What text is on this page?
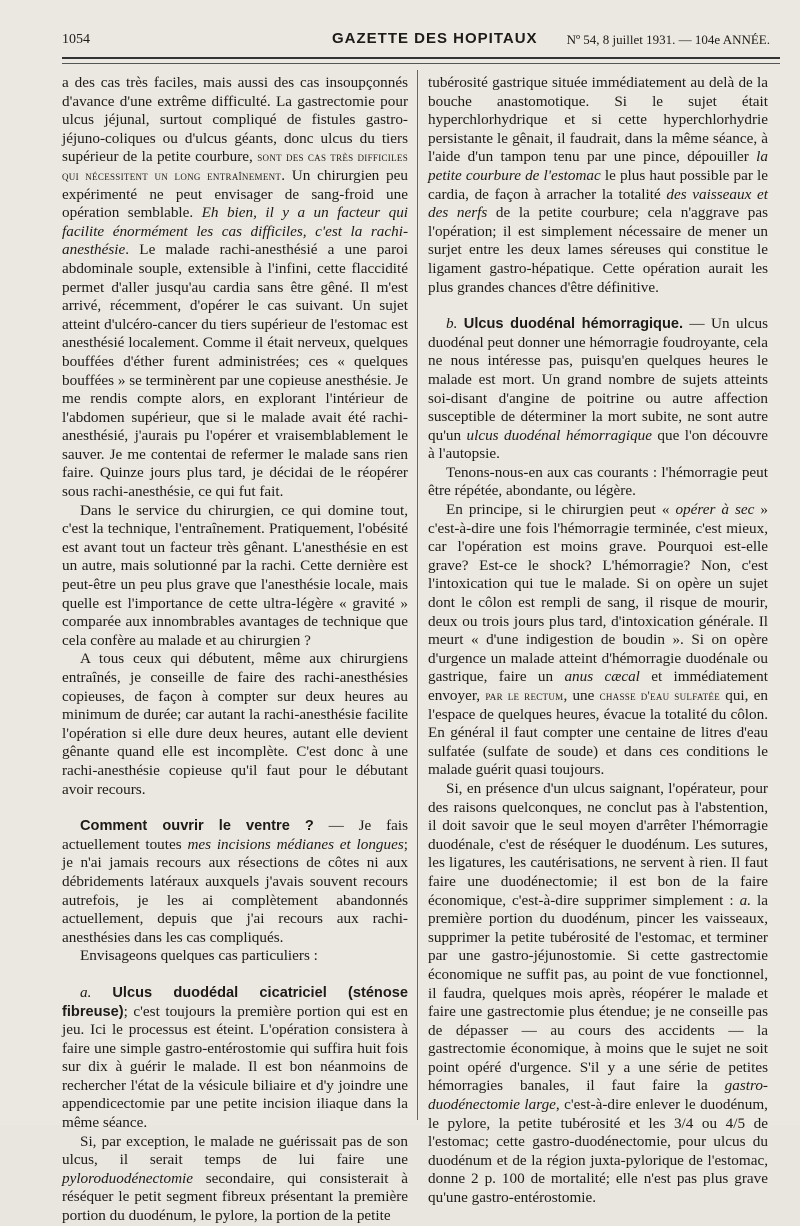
1054	GAZETTE DES HOPITAUX Nº 54, 8 juillet 1931. — 104e ANNÉE.

a des cas très faciles, mais aussi des cas insoupçonnés d'avance d'une extrême difficulté. La gastrectomie pour ulcus jéjunal, surtout compliqué de fistules gastro-jéjuno-coliques ou d'ulcus géants, donc ulcus du tiers supérieur de la petite courbure, sont des cas très difficiles qui nécessitent un long entraînement. Un chirurgien peu expérimenté ne peut envisager de sang-froid une opération semblable. Eh bien, il y a un facteur qui facilite énormément les cas difficiles, c'est la rachi-anesthésie. Le malade rachi-anesthésié a une paroi abdominale souple, extensible à l'infini, cette flaccidité permet d'aller jusqu'au cardia sans être gêné. Il m'est arrivé, récemment, d'opérer le cas suivant. Un sujet atteint d'ulcéro-cancer du tiers supérieur de l'estomac est anesthésié localement. Comme il était nerveux, quelques bouffées d'éther furent administrées; ces « quelques bouffées » se terminèrent par une copieuse anesthésie. Je me rendis compte alors, en explorant l'intérieur de l'abdomen supérieur, que si le malade avait été rachi-anesthésié, j'aurais pu l'opérer et vraisemblablement le sauver. Je me contentai de refermer le malade sans rien faire. Quinze jours plus tard, je décidai de le réopérer sous rachi-anesthésie, ce qui fut fait.

Dans le service du chirurgien, ce qui domine tout, c'est la technique, l'entraînement. Pratiquement, l'obésité est avant tout un facteur très gênant. L'anesthésie en est un autre, mais solutionné par la rachi. Cette dernière est peut-être un peu plus grave que l'anesthésie locale, mais quelle est l'importance de cette ultra-légère « gravité » comparée aux innombrables avantages de technique que cela confère au malade et au chirurgien ?

A tous ceux qui débutent, même aux chirurgiens entraînés, je conseille de faire des rachi-anesthésies copieuses, de façon à compter sur deux heures au minimum de durée; car autant la rachi-anesthésie facilite l'opération si elle dure deux heures, autant elle devient gênante quand elle est incomplète. C'est donc à une rachi-anesthésie copieuse qu'il faut pour le débutant avoir recours.

Comment ouvrir le ventre ? — Je fais actuellement toutes mes incisions médianes et longues; je n'ai jamais recours aux résections de côtes ni aux débridements latéraux auxquels j'avais souvent recours autrefois, je les ai complètement abandonnés actuellement, depuis que j'ai recours aux rachi-anesthésies dans les cas compliqués.

Envisageons quelques cas particuliers :

a. Ulcus duodédal cicatriciel (sténose fibreuse); c'est toujours la première portion qui est en jeu. Ici le processus est éteint. L'opération consistera à faire une simple gastro-entérostomie qui suffira huit fois sur dix à guérir le malade. Il est bon néanmoins de rechercher l'état de la vésicule biliaire et d'y joindre une appendicectomie par une petite incision iliaque dans la même séance.

Si, par exception, le malade ne guérissait pas de son ulcus, il serait temps de lui faire une pyloroduodénectomie secondaire, qui consisterait à réséquer le petit segment fibreux présentant la première portion du duodénum, le pylore, la portion de la petite

tubérosité gastrique située immédiatement au delà de la bouche anastomotique. Si le sujet était hyperchlorhydrique et si cette hyperchlorhydrie persistante le gênait, il faudrait, dans la même séance, à l'aide d'un tampon tenu par une pince, dépouiller la petite courbure de l'estomac le plus haut possible par le cardia, de façon à arracher la totalité des vaisseaux et des nerfs de la petite courbure; cela n'aggrave pas l'opération; il est simplement nécessaire de mener un surjet entre les deux lames séreuses qui constitue le ligament gastro-hépatique. Cette opération aurait les plus grandes chances d'être définitive.

b. Ulcus duodénal hémorragique. — Un ulcus duodénal peut donner une hémorragie foudroyante, cela ne nous intéresse pas, puisqu'en quelques heures le malade est mort. Un grand nombre de sujets atteints soi-disant d'angine de poitrine ou autre affection susceptible de déterminer la mort subite, ne sont autre qu'un ulcus duodénal hémorragique que l'on découvre à l'autopsie.

Tenons-nous-en aux cas courants : l'hémorragie peut être répétée, abondante, ou légère.

En principe, si le chirurgien peut « opérer à sec » c'est-à-dire une fois l'hémorragie terminée, c'est mieux, car l'opération est moins grave. Pourquoi est-elle grave? Est-ce le shock? L'hémorragie? Non, c'est l'intoxication qui tue le malade. Si on opère un sujet dont le côlon est rempli de sang, il risque de mourir, deux ou trois jours plus tard, d'intoxication générale. Il meurt « d'une indigestion de boudin ». Si on opère d'urgence un malade atteint d'hémorragie duodénale ou gastrique, faire un anus cæcal et immédiatement envoyer, par le rectum, une chasse d'eau sulfatée qui, en l'espace de quelques heures, évacue la totalité du côlon. En général il faut compter une centaine de litres d'eau sulfatée (sulfate de soude) et dans ces conditions le malade guérit quasi toujours.

Si, en présence d'un ulcus saignant, l'opérateur, pour des raisons quelconques, ne conclut pas à l'abstention, il doit savoir que le seul moyen d'arrêter l'hémorragie duodénale, c'est de réséquer le duodénum. Les sutures, les ligatures, les cautérisations, ne servent à rien. Il faut faire une duodénectomie; il est bon de la faire économique, c'est-à-dire supprimer simplement : a. la première portion du duodénum, pincer les vaisseaux, supprimer la petite tubérosité de l'estomac, et terminer par une gastro-jéjunostomie. Si cette gastrectomie économique ne suffit pas, au point de vue fonctionnel, il faudra, quelques mois après, réopérer le malade et faire une gastrectomie plus étendue; je ne conseille pas de dépasser — au cours des accidents — la gastrectomie économique, à moins que le sujet ne soit point opéré d'urgence. S'il y a une série de petites hémorragies banales, il faut faire la gastro-duodénectomie large, c'est-à-dire enlever le duodénum, le pylore, la petite tubérosité et les 3/4 ou 4/5 de l'estomac; cette gastro-duodénectomie, pour ulcus du duodénum et de la région juxta-pylorique de l'estomac, donne 2 p. 100 de mortalité; elle n'est pas plus grave qu'une gastro-entérostomie.
